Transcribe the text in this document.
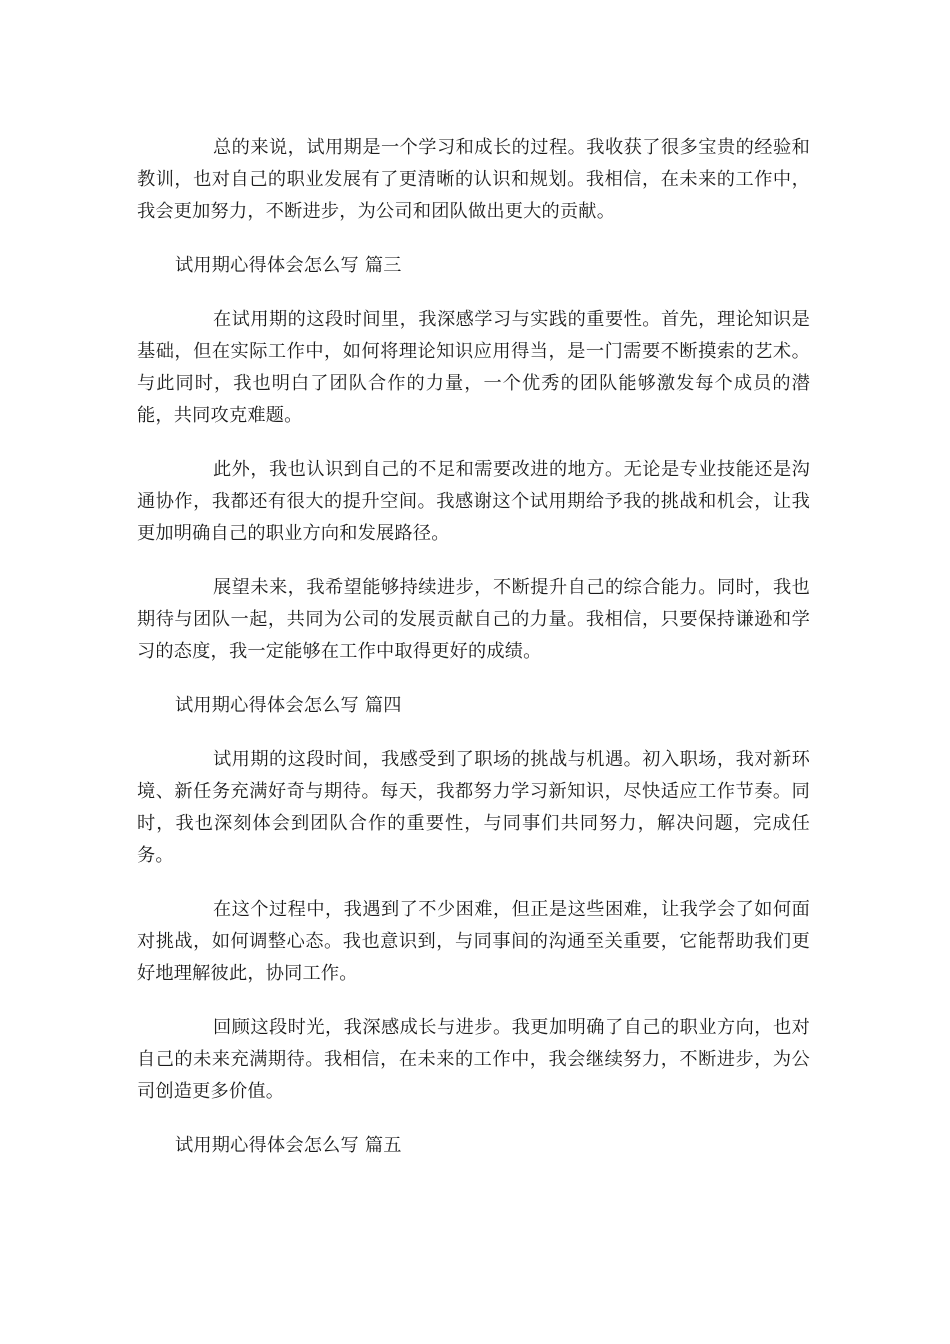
总的来说，试用期是一个学习和成长的过程。我收获了很多宝贵的经验和教训，也对自己的职业发展有了更清晰的认识和规划。我相信，在未来的工作中，我会更加努力，不断进步，为公司和团队做出更大的贡献。

试用期心得体会怎么写 篇三

在试用期的这段时间里，我深感学习与实践的重要性。首先，理论知识是基础，但在实际工作中，如何将理论知识应用得当，是一门需要不断摸索的艺术。与此同时，我也明白了团队合作的力量，一个优秀的团队能够激发每个成员的潜能，共同攻克难题。

此外，我也认识到自己的不足和需要改进的地方。无论是专业技能还是沟通协作，我都还有很大的提升空间。我感谢这个试用期给予我的挑战和机会，让我更加明确自己的职业方向和发展路径。

展望未来，我希望能够持续进步，不断提升自己的综合能力。同时，我也期待与团队一起，共同为公司的发展贡献自己的力量。我相信，只要保持谦逊和学习的态度，我一定能够在工作中取得更好的成绩。

试用期心得体会怎么写 篇四

试用期的这段时间，我感受到了职场的挑战与机遇。初入职场，我对新环境、新任务充满好奇与期待。每天，我都努力学习新知识，尽快适应工作节奏。同时，我也深刻体会到团队合作的重要性，与同事们共同努力，解决问题，完成任务。

在这个过程中，我遇到了不少困难，但正是这些困难，让我学会了如何面对挑战，如何调整心态。我也意识到，与同事间的沟通至关重要，它能帮助我们更好地理解彼此，协同工作。

回顾这段时光，我深感成长与进步。我更加明确了自己的职业方向，也对自己的未来充满期待。我相信，在未来的工作中，我会继续努力，不断进步，为公司创造更多价值。

试用期心得体会怎么写 篇五
